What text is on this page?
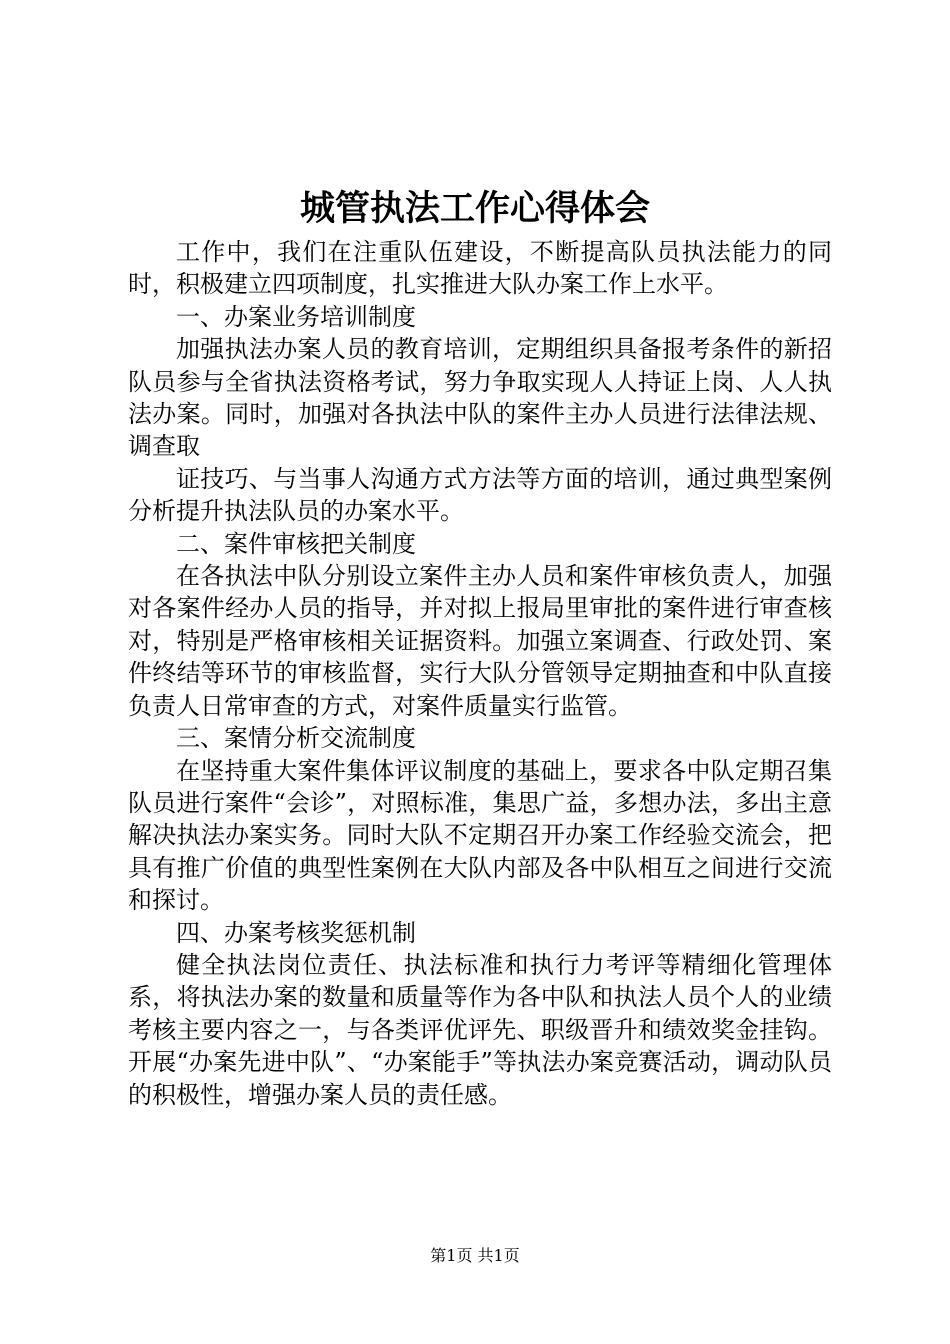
城管执法工作心得体会

工作中，我们在注重队伍建设，不断提高队员执法能力的同时，积极建立四项制度，扎实推进大队办案工作上水平。

一、办案业务培训制度

加强执法办案人员的教育培训，定期组织具备报考条件的新招队员参与全省执法资格考试，努力争取实现人人持证上岗、人人执法办案。同时，加强对各执法中队的案件主办人员进行法律法规、调查取

证技巧、与当事人沟通方式方法等方面的培训，通过典型案例分析提升执法队员的办案水平。

二、案件审核把关制度

在各执法中队分别设立案件主办人员和案件审核负责人，加强对各案件经办人员的指导，并对拟上报局里审批的案件进行审查核对，特别是严格审核相关证据资料。加强立案调查、行政处罚、案件终结等环节的审核监督，实行大队分管领导定期抽查和中队直接负责人日常审查的方式，对案件质量实行监管。

三、案情分析交流制度

在坚持重大案件集体评议制度的基础上，要求各中队定期召集队员进行案件“会诊”，对照标准，集思广益，多想办法，多出主意解决执法办案实务。同时大队不定期召开办案工作经验交流会，把具有推广价值的典型性案例在大队内部及各中队相互之间进行交流和探讨。

四、办案考核奖惩机制

健全执法岗位责任、执法标准和执行力考评等精细化管理体系，将执法办案的数量和质量等作为各中队和执法人员个人的业绩考核主要内容之一，与各类评优评先、职级晋升和绩效奖金挂钩。开展“办案先进中队”、“办案能手”等执法办案竞赛活动，调动队员的积极性，增强办案人员的责任感。

第1页 共1页
